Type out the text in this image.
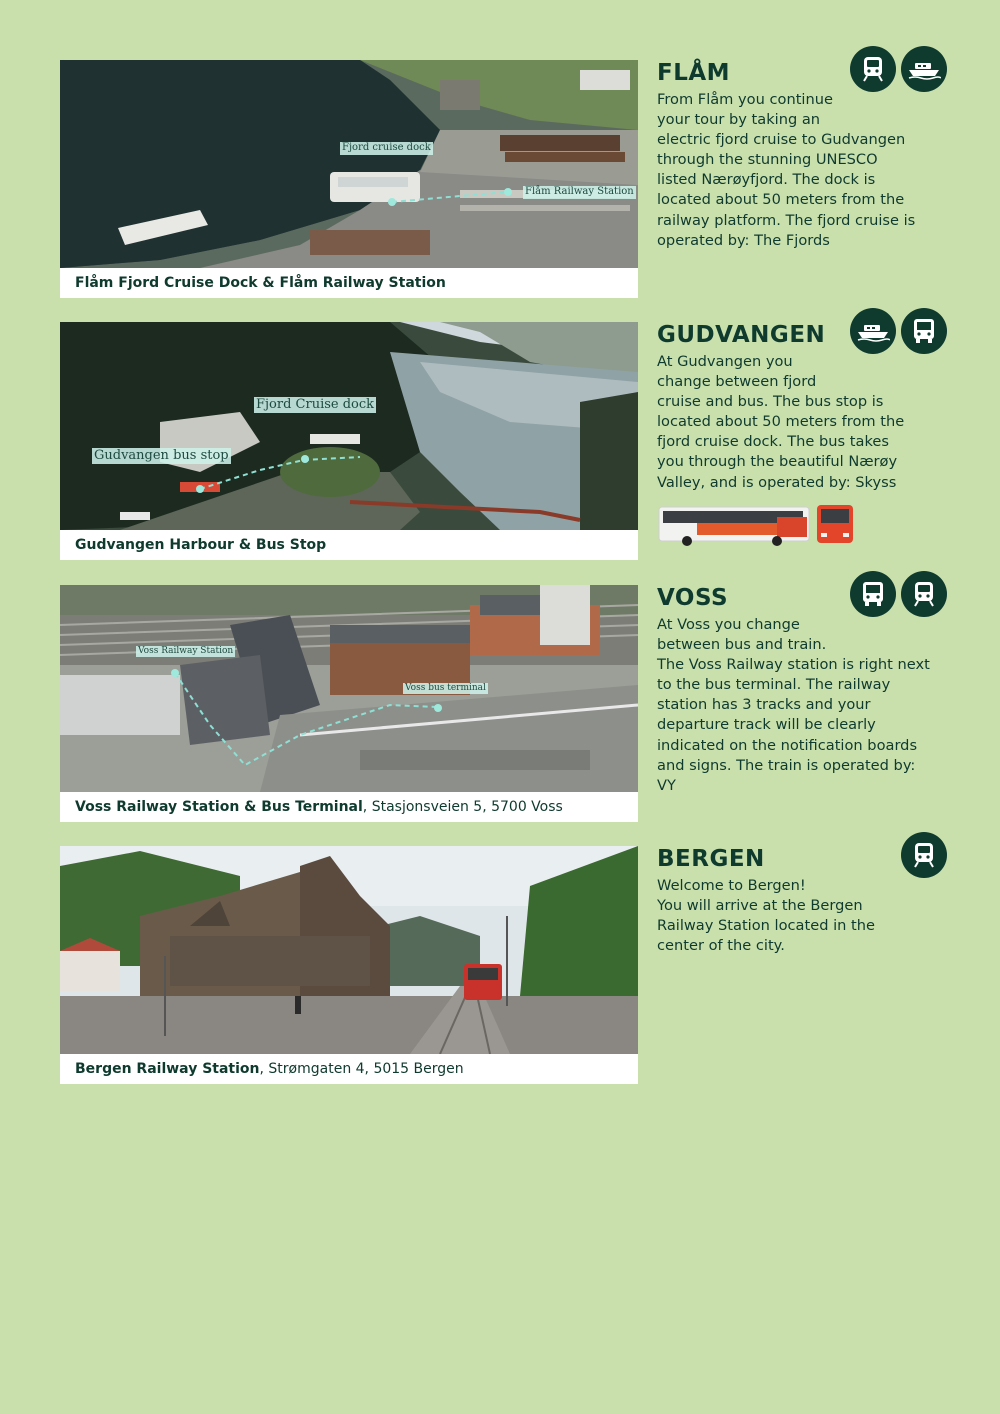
Fjord cruise dock
Flåm Railway Station
Flåm Fjord Cruise Dock & Flåm Railway Station
FLÅM
From Flåm you continue
your tour by taking an
electric fjord cruise to Gudvangen
through the stunning UNESCO
listed Nærøyfjord. The dock is
located about 50 meters from the
railway platform. The fjord cruise is
operated by: The Fjords
Fjord Cruise dock
Gudvangen bus stop
Gudvangen Harbour & Bus Stop
GUDVANGEN
At Gudvangen you
change between fjord
cruise and bus. The bus stop is
located about 50 meters from the
fjord cruise dock. The bus takes
you through the beautiful Nærøy
Valley, and is operated by: Skyss
Voss Railway Station
Voss bus terminal
Voss Railway Station & Bus Terminal, Stasjonsveien 5, 5700 Voss
VOSS
At Voss you change
between bus and train.
The Voss Railway station is right next
to the bus terminal. The railway
station has 3 tracks and your
departure track will be clearly
indicated on the notification boards
and signs. The train is operated by:
VY
Bergen Railway Station, Strømgaten 4, 5015 Bergen
BERGEN
Welcome to Bergen!
You will arrive at the Bergen
Railway Station located in the
center of the city.
